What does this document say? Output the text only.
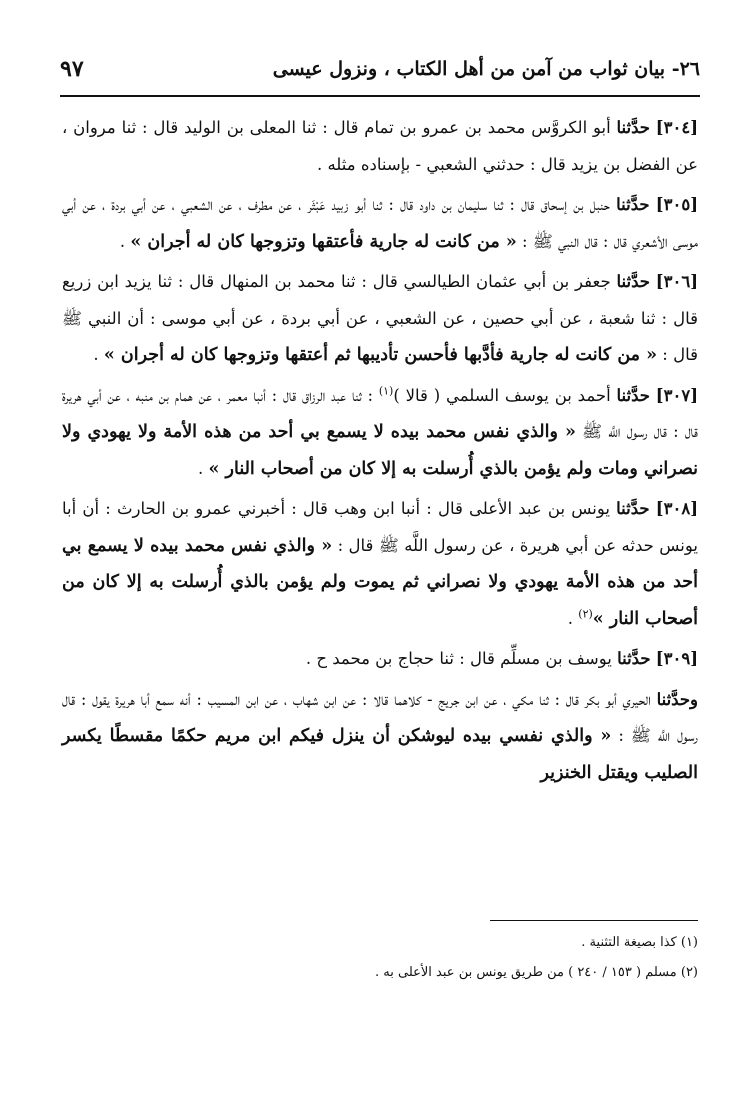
٢٦- بيان ثواب من آمن من أهل الكتاب ، ونزول عيسى
٩٧

[٣٠٤] حدَّثنا أبو الكروَّس محمد بن عمرو بن تمام قال : ثنا المعلى بن الوليد قال : ثنا مروان ، عن الفضل بن يزيد قال : حدثني الشعبي - بإسناده مثله .

[٣٠٥] حدَّثنا حنبل بن إسحاق قال : ثنا سليمان بن داود قال : ثنا أبو زبيد عَبْثَر ، عن مطرف ، عن الشعبي ، عن أبي بردة ، عن أبي موسى الأشعري قال : قال النبي ﷺ : « من كانت له جارية فأعتقها وتزوجها كان له أجران » .

[٣٠٦] حدَّثنا جعفر بن أبي عثمان الطيالسي قال : ثنا محمد بن المنهال قال : ثنا يزيد ابن زريع قال : ثنا شعبة ، عن أبي حصين ، عن الشعبي ، عن أبي بردة ، عن أبي موسى : أن النبي ﷺ قال : « من كانت له جارية فأدَّبها فأحسن تأديبها ثم أعتقها وتزوجها كان له أجران » .

[٣٠٧] حدَّثنا أحمد بن يوسف السلمي ( قالا )$^{(١)}$ : ثنا عبد الرزاق قال : أنبا معمر ، عن همام بن منبه ، عن أبي هريرة قال : قال رسول اللَّه ﷺ « والذي نفس محمد بيده لا يسمع بي أحد من هذه الأمة ولا يهودي ولا نصراني ومات ولم يؤمن بالذي أُرسلت به إلا كان من أصحاب النار » .

[٣٠٨] حدَّثنا يونس بن عبد الأعلى قال : أنبا ابن وهب قال : أخبرني عمرو بن الحارث : أن أبا يونس حدثه عن أبي هريرة ، عن رسول اللَّه ﷺ قال : « والذي نفس محمد بيده لا يسمع بي أحد من هذه الأمة يهودي ولا نصراني ثم يموت ولم يؤمن بالذي أُرسلت به إلا كان من أصحاب النار »$^{(٢)}$ .

[٣٠٩] حدَّثنا يوسف بن مسلِّم قال : ثنا حجاج بن محمد ح .

وحدَّثنا الحيري أبو بكر قال : ثنا مكي ، عن ابن جريج - كلاهما قالا : عن ابن شهاب ، عن ابن المسيب : أنه سمع أبا هريرة يقول : قال رسول اللَّه ﷺ : « والذي نفسي بيده ليوشكن أن ينزل فيكم ابن مريم حكمًا مقسطًا يكسر الصليب ويقتل الخنزير

(١) كذا بصيغة التثنية .

(٢) مسلم ( ١٥٣ / ٢٤٠ ) من طريق يونس بن عبد الأعلى به .
